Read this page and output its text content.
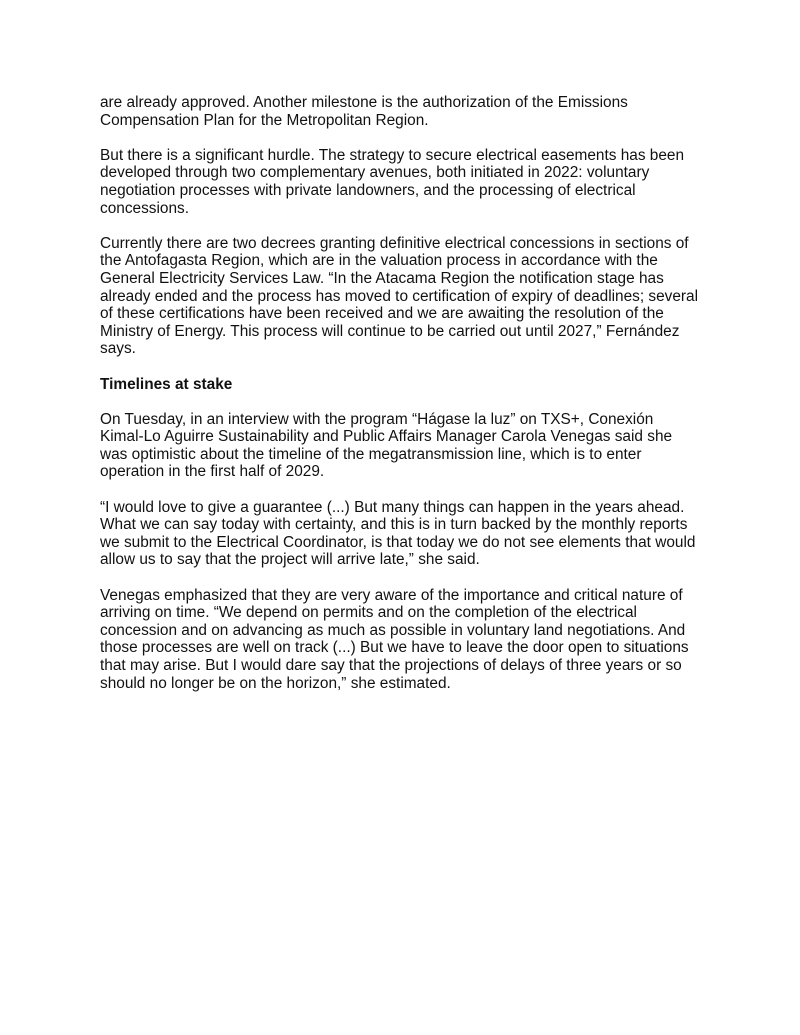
are already approved. Another milestone is the authorization of the Emissions
Compensation Plan for the Metropolitan Region.

But there is a significant hurdle. The strategy to secure electrical easements has been
developed through two complementary avenues, both initiated in 2022: voluntary
negotiation processes with private landowners, and the processing of electrical
concessions.

Currently there are two decrees granting definitive electrical concessions in sections of
the Antofagasta Region, which are in the valuation process in accordance with the
General Electricity Services Law. “In the Atacama Region the notification stage has
already ended and the process has moved to certification of expiry of deadlines; several
of these certifications have been received and we are awaiting the resolution of the
Ministry of Energy. This process will continue to be carried out until 2027,” Fernández
says.

Timelines at stake

On Tuesday, in an interview with the program “Hágase la luz” on TXS+, Conexión
Kimal-Lo Aguirre Sustainability and Public Affairs Manager Carola Venegas said she
was optimistic about the timeline of the megatransmission line, which is to enter
operation in the first half of 2029.

“I would love to give a guarantee (...) But many things can happen in the years ahead.
What we can say today with certainty, and this is in turn backed by the monthly reports
we submit to the Electrical Coordinator, is that today we do not see elements that would
allow us to say that the project will arrive late,” she said.

Venegas emphasized that they are very aware of the importance and critical nature of
arriving on time. “We depend on permits and on the completion of the electrical
concession and on advancing as much as possible in voluntary land negotiations. And
those processes are well on track (...) But we have to leave the door open to situations
that may arise. But I would dare say that the projections of delays of three years or so
should no longer be on the horizon,” she estimated.
